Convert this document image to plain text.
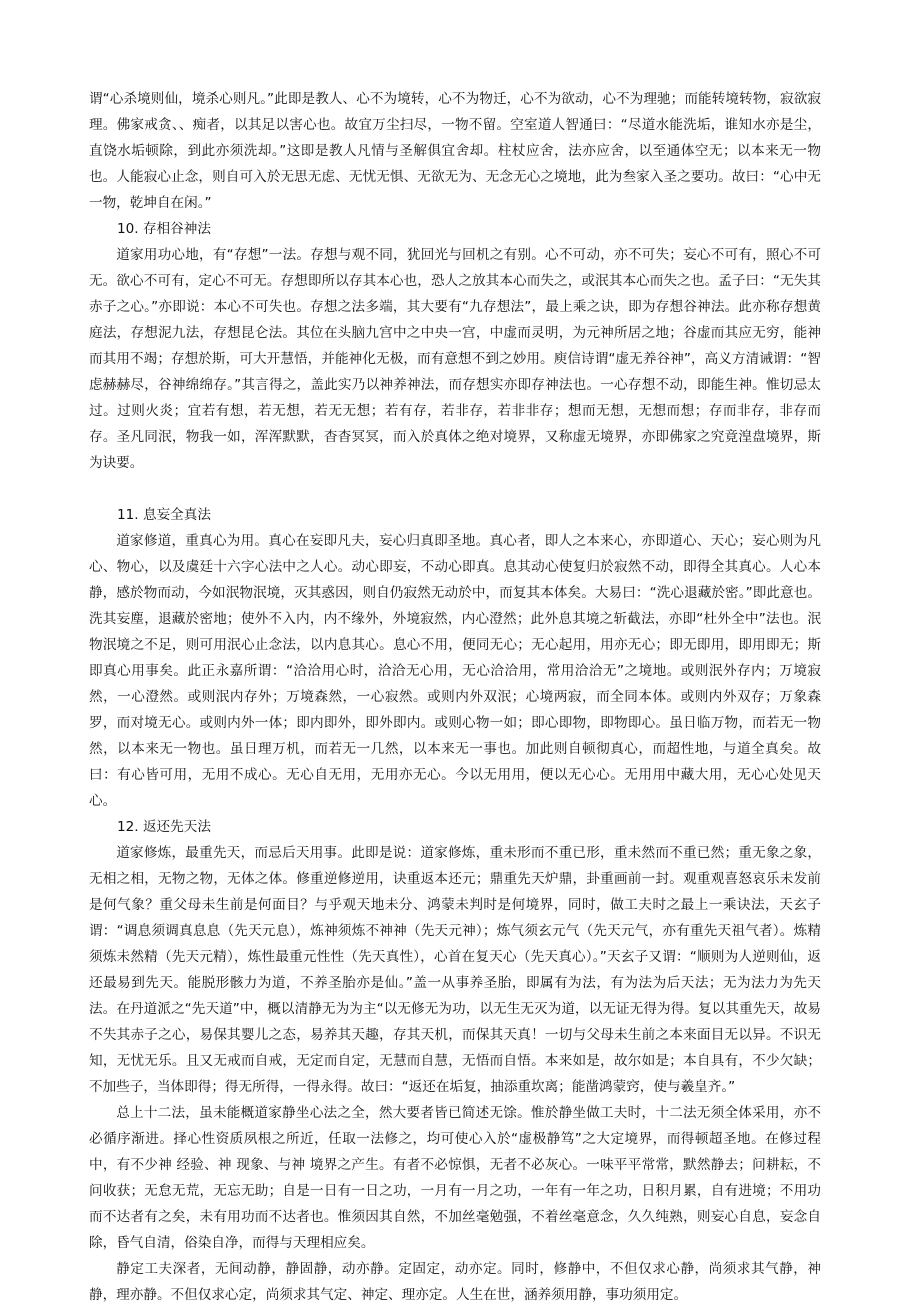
谓“心杀境则仙，境杀心则凡。”此即是教人、心不为境转，心不为物迁，心不为欲动，心不为理驰；而能转境转物，寂欲寂理。佛家戒贪、、痴者，以其足以害心也。故宜万尘扫尽，一物不留。空室道人智通曰：“尽道水能洗垢，谁知水亦是尘，直饶水垢顿除，到此亦须洗却。”这即是教人凡情与圣解俱宜舍却。柱杖应舍，法亦应舍，以至通体空无；以本来无一物也。人能寂心止念，则自可入於无思无虑、无忧无惧、无欲无为、无念无心之境地，此为叁家入圣之要功。故曰：“心中无一物，乾坤自在闲。”

10. 存相谷神法

道家用功心地，有“存想”一法。存想与观不同，犹回光与回机之有别。心不可动，亦不可失；妄心不可有，照心不可无。欲心不可有，定心不可无。存想即所以存其本心也，恐人之放其本心而失之，或泯其本心而失之也。孟子曰：“无失其赤子之心。”亦即说：本心不可失也。存想之法多端，其大要有“九存想法”，最上乘之诀，即为存想谷神法。此亦称存想黄庭法，存想泥九法，存想昆仑法。其位在头脑九宫中之中央一宫，中虚而灵明，为元神所居之地；谷虚而其应无穷，能神而其用不竭；存想於斯，可大开慧悟，并能神化无极，而有意想不到之妙用。庾信诗谓“虚无养谷神”，高义方清诫谓：“智虑赫赫尽，谷神绵绵存。”其言得之，盖此实乃以神养神法，而存想实亦即存神法也。一心存想不动，即能生神。惟切忌太过。过则火炎；宜若有想，若无想，若无无想；若有存，若非存，若非非存；想而无想，无想而想；存而非存，非存而存。圣凡同泯，物我一如，浑浑默默，杳杳冥冥，而入於真体之绝对境界，又称虚无境界，亦即佛家之究竟湟盘境界，斯为诀要。

11. 息妄全真法

道家修道，重真心为用。真心在妄即凡夫，妄心归真即圣地。真心者，即人之本来心，亦即道心、天心；妄心则为凡心、物心，以及虞廷十六字心法中之人心。动心即妄，不动心即真。息其动心使复归於寂然不动，即得全其真心。人心本静，感於物而动，今如泯物泯境，灭其惑因，则自仍寂然无动於中，而复其本体矣。大易曰：“洗心退藏於密。”即此意也。洗其妄塵，退藏於密地；使外不入内，内不缘外，外境寂然，内心澄然；此外息其境之斩截法，亦即“杜外全中”法也。泯物泯境之不足，则可用泯心止念法，以内息其心。息心不用，便同无心；无心起用，用亦无心；即无即用，即用即无；斯即真心用事矣。此正永嘉所谓：“洽洽用心时，洽洽无心用，无心洽洽用，常用洽洽无”之境地。或则泯外存内；万境寂然，一心澄然。或则泯内存外；万境森然，一心寂然。或则内外双泯；心境两寂，而全同本体。或则内外双存；万象森罗，而对境无心。或则内外一体；即内即外，即外即内。或则心物一如；即心即物，即物即心。虽日临万物，而若无一物然，以本来无一物也。虽日理万机，而若无一几然，以本来无一事也。加此则自顿彻真心，而超性地，与道全真矣。故曰：有心皆可用，无用不成心。无心自无用，无用亦无心。今以无用用，便以无心心。无用用中藏大用，无心心处见天心。

12. 返还先天法

道家修炼，最重先天，而忌后天用事。此即是说：道家修炼，重未形而不重已形，重未然而不重已然；重无象之象，无相之相，无物之物，无体之体。修重逆修逆用，诀重返本还元；鼎重先天炉鼎，卦重画前一封。观重观喜怒哀乐未发前是何气象？重父母未生前是何面目？与乎观天地未分、鸿蒙未判时是何境界，同时，做工夫时之最上一乘诀法，天玄子谓：“调息须调真息息（先天元息），炼神须炼不神神（先天元神）；炼气须玄元气（先天元气，亦有重先天祖气者）。炼精须炼未然精（先天元精），炼性最重元性性（先天真性），心首在复天心（先天真心）。”天玄子又谓：“顺则为人逆则仙，返还最易到先天。能脱形骸力为道，不养圣胎亦是仙。”盖一从事养圣胎，即属有为法，有为法为后天法；无为法力为先天法。在丹道派之“先天道”中，概以清静无为为主“以无修无为功，以无生无灭为道，以无证无得为得。复以其重先天，故易不失其赤子之心，易保其婴儿之态，易养其天趣，存其天机，而保其天真！一切与父母未生前之本来面目无以异。不识无知，无忧无乐。且又无戒而自戒，无定而自定，无慧而自慧，无悟而自悟。本来如是，故尔如是；本自具有，不少欠缺；不加些子，当体即得；得无所得，一得永得。故曰：“返还在垢复，抽添重坎离；能凿鸿蒙窍，使与羲皇齐。”

总上十二法，虽未能概道家静坐心法之全，然大要者皆已简述无馀。惟於静坐做工夫时，十二法无须全体采用，亦不必循序渐进。择心性资质夙根之所近，任取一法修之，均可使心入於“虚极静笃”之大定境界，而得顿超圣地。在修过程中，有不少神 经验、神 现象、与神 境界之产生。有者不必惊惧，无者不必灰心。一味平平常常，默然静去；问耕耘，不问收获；无怠无荒，无忘无助；自是一日有一日之功，一月有一月之功，一年有一年之功，日积月累，自有进境；不用功而不达者有之矣，未有用功而不达者也。惟须因其自然，不加丝毫勉强，不着丝毫意念，久久纯熟，则妄心自息，妄念自除，昏气自清，俗染自净，而得与天理相应矣。

静定工夫深者，无间动静，静固静，动亦静。定固定，动亦定。同时，修静中，不但仅求心静，尚须求其气静，神静，理亦静。不但仅求心定，尚须求其气定、神定、理亦定。人生在世，涵养须用静，事功须用定。
